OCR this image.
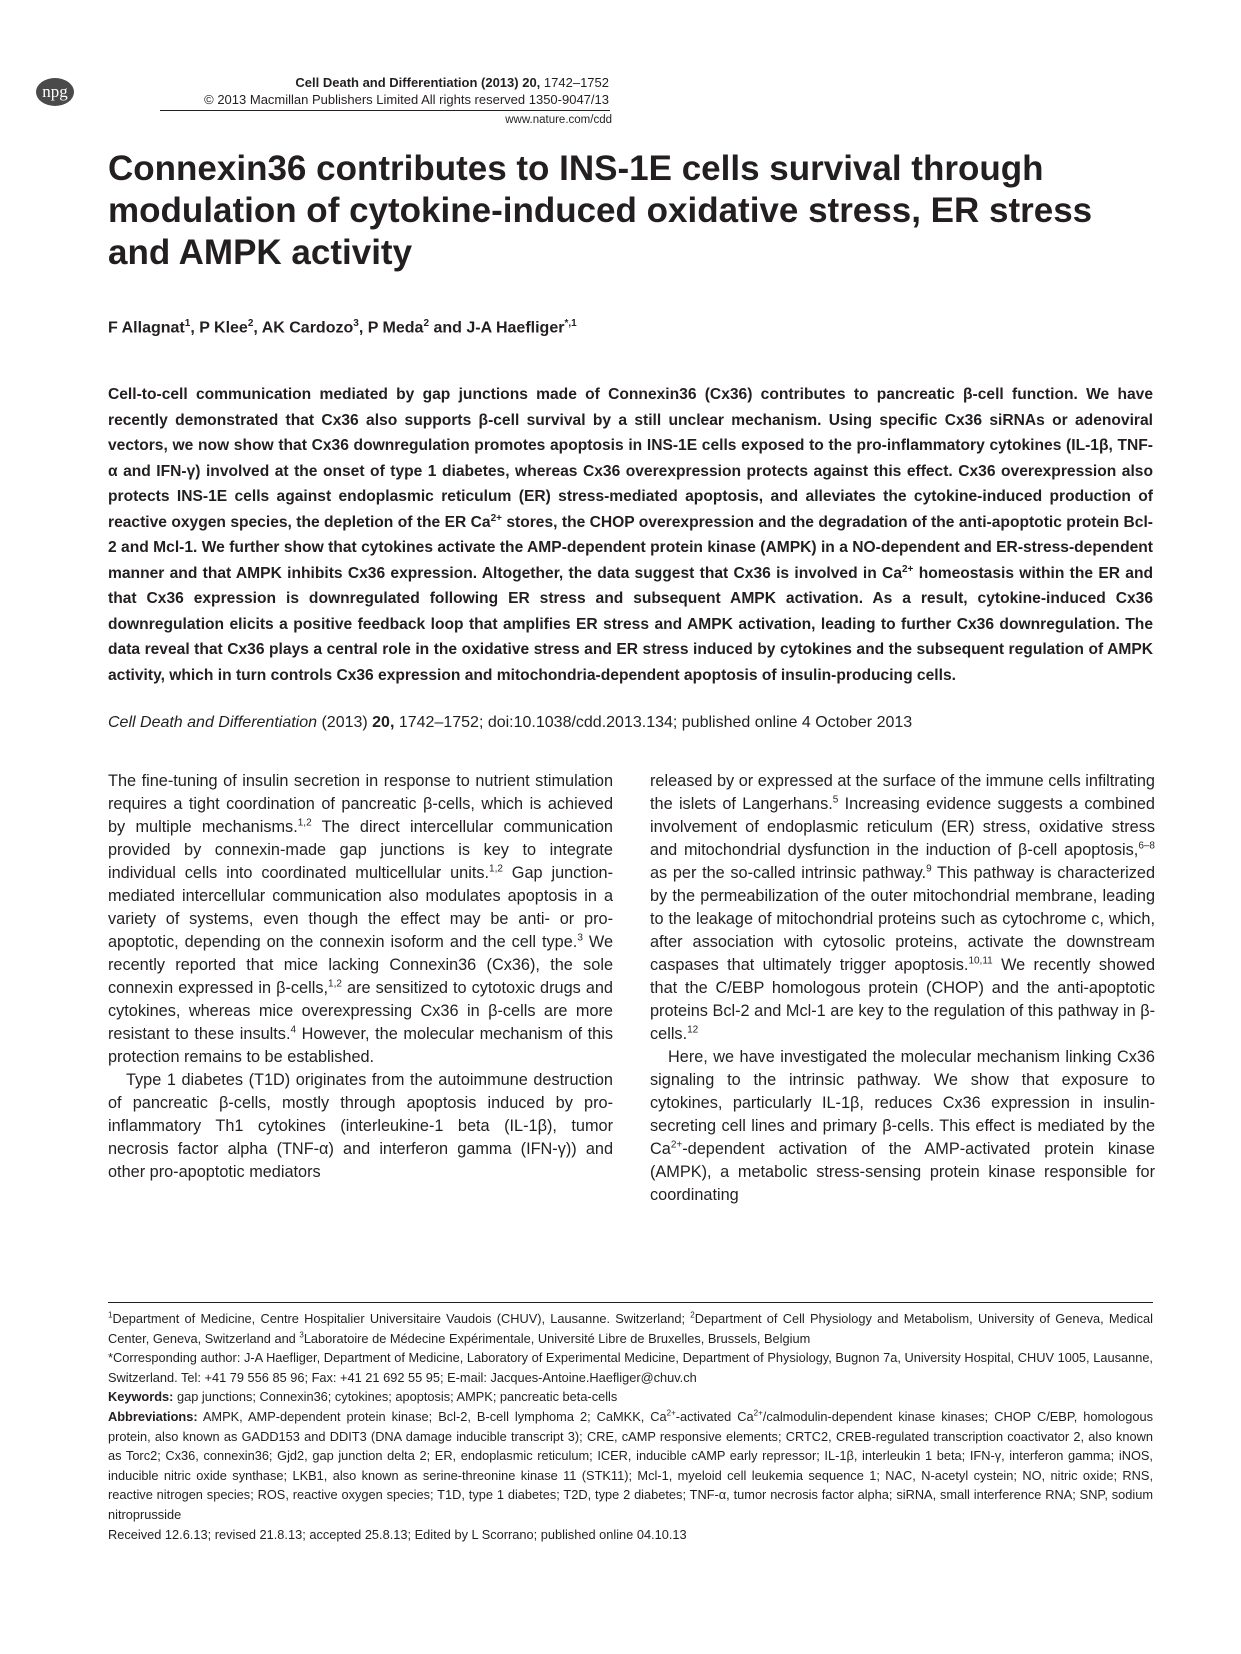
npg	Cell Death and Differentiation (2013) 20, 1742–1752
© 2013 Macmillan Publishers Limited All rights reserved 1350-9047/13
www.nature.com/cdd
Connexin36 contributes to INS-1E cells survival through modulation of cytokine-induced oxidative stress, ER stress and AMPK activity
F Allagnat$^1$, P Klee$^2$, AK Cardozo$^3$, P Meda$^2$ and J-A Haefliger$^{*,1}$

Cell-to-cell communication mediated by gap junctions made of Connexin36 (Cx36) contributes to pancreatic β-cell function. We have recently demonstrated that Cx36 also supports β-cell survival by a still unclear mechanism. Using specific Cx36 siRNAs or adenoviral vectors, we now show that Cx36 downregulation promotes apoptosis in INS-1E cells exposed to the pro-inflammatory cytokines (IL-1β, TNF-α and IFN-γ) involved at the onset of type 1 diabetes, whereas Cx36 overexpression protects against this effect. Cx36 overexpression also protects INS-1E cells against endoplasmic reticulum (ER) stress-mediated apoptosis, and alleviates the cytokine-induced production of reactive oxygen species, the depletion of the ER $Ca^{2+}$ stores, the CHOP overexpression and the degradation of the anti-apoptotic protein Bcl-2 and Mcl-1. We further show that cytokines activate the AMP-dependent protein kinase (AMPK) in a NO-dependent and ER-stress-dependent manner and that AMPK inhibits Cx36 expression. Altogether, the data suggest that Cx36 is involved in $Ca^{2+}$ homeostasis within the ER and that Cx36 expression is downregulated following ER stress and subsequent AMPK activation. As a result, cytokine-induced Cx36 downregulation elicits a positive feedback loop that amplifies ER stress and AMPK activation, leading to further Cx36 downregulation. The data reveal that Cx36 plays a central role in the oxidative stress and ER stress induced by cytokines and the subsequent regulation of AMPK activity, which in turn controls Cx36 expression and mitochondria-dependent apoptosis of insulin-producing cells.

Cell Death and Differentiation (2013) 20, 1742–1752; doi:10.1038/cdd.2013.134; published online 4 October 2013

The fine-tuning of insulin secretion in response to nutrient stimulation requires a tight coordination of pancreatic β-cells, which is achieved by multiple mechanisms.$^{1,2}$ The direct intercellular communication provided by connexin-made gap junctions is key to integrate individual cells into coordinated multicellular units.$^{1,2}$ Gap junction-mediated intercellular communication also modulates apoptosis in a variety of systems, even though the effect may be anti- or pro-apoptotic, depending on the connexin isoform and the cell type.$^3$ We recently reported that mice lacking Connexin36 (Cx36), the sole connexin expressed in β-cells,$^{1,2}$ are sensitized to cytotoxic drugs and cytokines, whereas mice overexpressing Cx36 in β-cells are more resistant to these insults.$^4$ However, the molecular mechanism of this protection remains to be established.

Type 1 diabetes (T1D) originates from the autoimmune destruction of pancreatic β-cells, mostly through apoptosis induced by pro-inflammatory Th1 cytokines (interleukine-1 beta (IL-1β), tumor necrosis factor alpha (TNF-α) and interferon gamma (IFN-γ)) and other pro-apoptotic mediators

released by or expressed at the surface of the immune cells infiltrating the islets of Langerhans.$^5$ Increasing evidence suggests a combined involvement of endoplasmic reticulum (ER) stress, oxidative stress and mitochondrial dysfunction in the induction of β-cell apoptosis,$^{6-8}$ as per the so-called intrinsic pathway.$^9$ This pathway is characterized by the permeabilization of the outer mitochondrial membrane, leading to the leakage of mitochondrial proteins such as cytochrome c, which, after association with cytosolic proteins, activate the downstream caspases that ultimately trigger apoptosis.$^{10,11}$ We recently showed that the C/EBP homologous protein (CHOP) and the anti-apoptotic proteins Bcl-2 and Mcl-1 are key to the regulation of this pathway in β-cells.$^{12}$

Here, we have investigated the molecular mechanism linking Cx36 signaling to the intrinsic pathway. We show that exposure to cytokines, particularly IL-1β, reduces Cx36 expression in insulin-secreting cell lines and primary β-cells. This effect is mediated by the $Ca^{2+}$-dependent activation of the AMP-activated protein kinase (AMPK), a metabolic stress-sensing protein kinase responsible for coordinating

$^1$Department of Medicine, Centre Hospitalier Universitaire Vaudois (CHUV), Lausanne. Switzerland; $^2$Department of Cell Physiology and Metabolism, University of Geneva, Medical Center, Geneva, Switzerland and $^3$Laboratoire de Médecine Expérimentale, Université Libre de Bruxelles, Brussels, Belgium

*Corresponding author: J-A Haefliger, Department of Medicine, Laboratory of Experimental Medicine, Department of Physiology, Bugnon 7a, University Hospital, CHUV 1005, Lausanne, Switzerland. Tel: +41 79 556 85 96; Fax: +41 21 692 55 95; E-mail: Jacques-Antoine.Haefliger@chuv.ch

Keywords: gap junctions; Connexin36; cytokines; apoptosis; AMPK; pancreatic beta-cells

Abbreviations: AMPK, AMP-dependent protein kinase; Bcl-2, B-cell lymphoma 2; CaMKK, $Ca^{2+}$-activated $Ca^{2+}/calmodulin$-dependent kinase kinases; CHOP C/EBP, homologous protein, also known as GADD153 and DDIT3 (DNA damage inducible transcript 3); CRE, cAMP responsive elements; CRTC2, CREB-regulated transcription coactivator 2, also known as Torc2; Cx36, connexin36; Gjd2, gap junction delta 2; ER, endoplasmic reticulum; ICER, inducible cAMP early repressor; IL-1β, interleukin 1 beta; IFN-γ, interferon gamma; iNOS, inducible nitric oxide synthase; LKB1, also known as serine-threonine kinase 11 (STK11); Mcl-1, myeloid cell leukemia sequence 1; NAC, N-acetyl cystein; NO, nitric oxide; RNS, reactive nitrogen species; ROS, reactive oxygen species; T1D, type 1 diabetes; T2D, type 2 diabetes; TNF-α, tumor necrosis factor alpha; siRNA, small interference RNA; SNP, sodium nitroprusside

Received 12.6.13; revised 21.8.13; accepted 25.8.13; Edited by L Scorrano; published online 04.10.13
